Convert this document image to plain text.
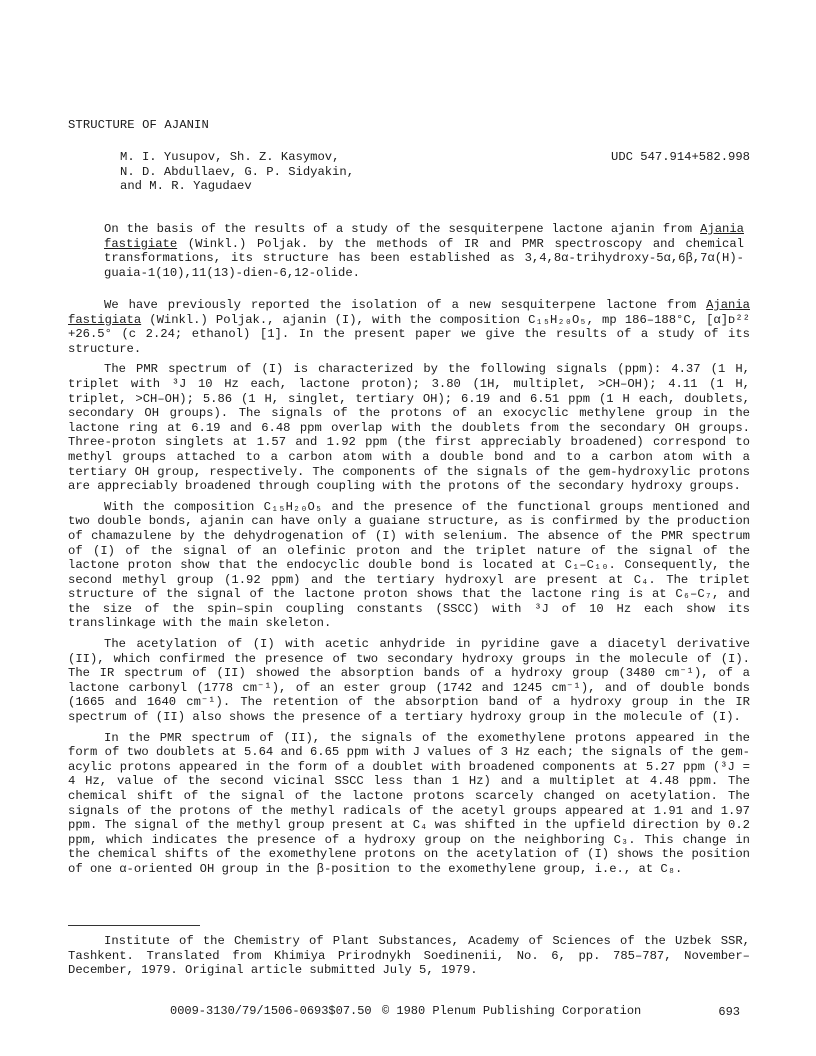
STRUCTURE OF AJANIN
M. I. Yusupov, Sh. Z. Kasymov,
N. D. Abdullaev, G. P. Sidyakin,
and M. R. Yagudaev
UDC 547.914+582.998
On the basis of the results of a study of the sesquiterpene lactone ajanin from Ajania fastigiate (Winkl.) Poljak. by the methods of IR and PMR spectroscopy and chemical transformations, its structure has been established as 3,4,8α-trihydroxy-5α,6β,7α(H)-guaia-1(10),11(13)-dien-6,12-olide.

We have previously reported the isolation of a new sesquiterpene lactone from Ajania fastigiata (Winkl.) Poljak., ajanin (I), with the composition C₁₅H₂₀O₅, mp 186–188°C, [α]ᴅ²² +26.5° (c 2.24; ethanol) [1]. In the present paper we give the results of a study of its structure.

The PMR spectrum of (I) is characterized by the following signals (ppm): 4.37 (1 H, triplet with ³J 10 Hz each, lactone proton); 3.80 (1H, multiplet, >CH–OH); 4.11 (1 H, triplet, >CH–OH); 5.86 (1 H, singlet, tertiary OH); 6.19 and 6.51 ppm (1 H each, doublets, secondary OH groups). The signals of the protons of an exocyclic methylene group in the lactone ring at 6.19 and 6.48 ppm overlap with the doublets from the secondary OH groups. Three-proton singlets at 1.57 and 1.92 ppm (the first appreciably broadened) correspond to methyl groups attached to a carbon atom with a double bond and to a carbon atom with a tertiary OH group, respectively. The components of the signals of the gem-hydroxylic protons are appreciably broadened through coupling with the protons of the secondary hydroxy groups.

With the composition C₁₅H₂₀O₅ and the presence of the functional groups mentioned and two double bonds, ajanin can have only a guaiane structure, as is confirmed by the production of chamazulene by the dehydrogenation of (I) with selenium. The absence of the PMR spectrum of (I) of the signal of an olefinic proton and the triplet nature of the signal of the lactone proton show that the endocyclic double bond is located at C₁–C₁₀. Consequently, the second methyl group (1.92 ppm) and the tertiary hydroxyl are present at C₄. The triplet structure of the signal of the lactone proton shows that the lactone ring is at C₆–C₇, and the size of the spin–spin coupling constants (SSCC) with ³J of 10 Hz each show its translinkage with the main skeleton.

The acetylation of (I) with acetic anhydride in pyridine gave a diacetyl derivative (II), which confirmed the presence of two secondary hydroxy groups in the molecule of (I). The IR spectrum of (II) showed the absorption bands of a hydroxy group (3480 cm⁻¹), of a lactone carbonyl (1778 cm⁻¹), of an ester group (1742 and 1245 cm⁻¹), and of double bonds (1665 and 1640 cm⁻¹). The retention of the absorption band of a hydroxy group in the IR spectrum of (II) also shows the presence of a tertiary hydroxy group in the molecule of (I).

In the PMR spectrum of (II), the signals of the exomethylene protons appeared in the form of two doublets at 5.64 and 6.65 ppm with J values of 3 Hz each; the signals of the gem-acylic protons appeared in the form of a doublet with broadened components at 5.27 ppm (³J = 4 Hz, value of the second vicinal SSCC less than 1 Hz) and a multiplet at 4.48 ppm. The chemical shift of the signal of the lactone protons scarcely changed on acetylation. The signals of the protons of the methyl radicals of the acetyl groups appeared at 1.91 and 1.97 ppm. The signal of the methyl group present at C₄ was shifted in the upfield direction by 0.2 ppm, which indicates the presence of a hydroxy group on the neighboring C₃. This change in the chemical shifts of the exomethylene protons on the acetylation of (I) shows the position of one α-oriented OH group in the β-position to the exomethylene group, i.e., at C₈.

Institute of the Chemistry of Plant Substances, Academy of Sciences of the Uzbek SSR, Tashkent. Translated from Khimiya Prirodnykh Soedinenii, No. 6, pp. 785–787, November–December, 1979. Original article submitted July 5, 1979.
0009-3130/79/1506-0693$07.50 © 1980 Plenum Publishing Corporation	693
